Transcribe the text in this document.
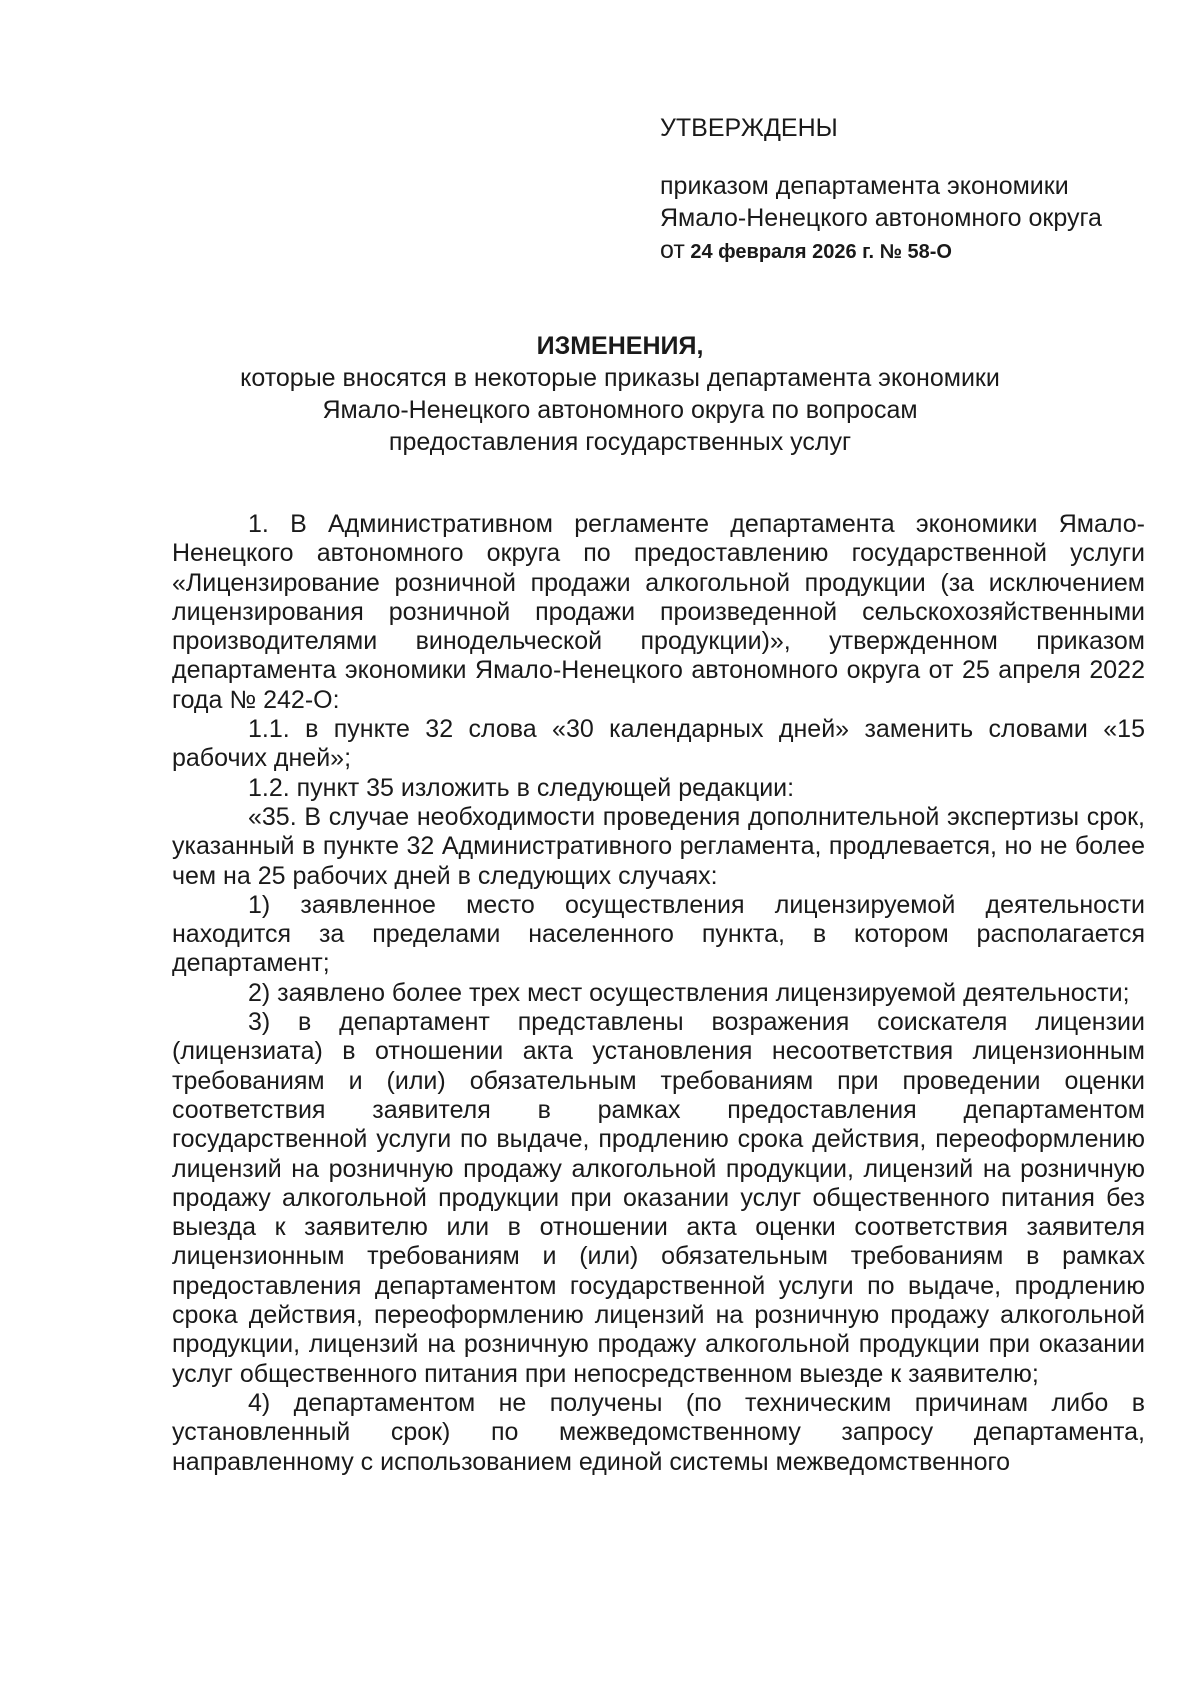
УТВЕРЖДЕНЫ

приказом департамента экономики

Ямало-Ненецкого автономного округа

от 24 февраля 2026 г. № 58-О

ИЗМЕНЕНИЯ,

которые вносятся в некоторые приказы департамента экономики

Ямало-Ненецкого автономного округа по вопросам

предоставления государственных услуг

1. В Административном регламенте департамента экономики Ямало-Ненецкого автономного округа по предоставлению государственной услуги «Лицензирование розничной продажи алкогольной продукции (за исключением лицензирования розничной продажи произведенной сельскохозяйственными производителями винодельческой продукции)», утвержденном приказом департамента экономики Ямало-Ненецкого автономного округа от 25 апреля 2022 года № 242-О:

1.1. в пункте 32 слова «30 календарных дней» заменить словами «15 рабочих дней»;

1.2. пункт 35 изложить в следующей редакции:

«35. В случае необходимости проведения дополнительной экспертизы срок, указанный в пункте 32 Административного регламента, продлевается, но не более чем на 25 рабочих дней в следующих случаях:

1) заявленное место осуществления лицензируемой деятельности находится за пределами населенного пункта, в котором располагается департамент;

2) заявлено более трех мест осуществления лицензируемой деятельности;

3) в департамент представлены возражения соискателя лицензии (лицензиата) в отношении акта установления несоответствия лицензионным требованиям и (или) обязательным требованиям при проведении оценки соответствия заявителя в рамках предоставления департаментом государственной услуги по выдаче, продлению срока действия, переоформлению лицензий на розничную продажу алкогольной продукции, лицензий на розничную продажу алкогольной продукции при оказании услуг общественного питания без выезда к заявителю или в отношении акта оценки соответствия заявителя лицензионным требованиям и (или) обязательным требованиям в рамках предоставления департаментом государственной услуги по выдаче, продлению срока действия, переоформлению лицензий на розничную продажу алкогольной продукции, лицензий на розничную продажу алкогольной продукции при оказании услуг общественного питания при непосредственном выезде к заявителю;

4) департаментом не получены (по техническим причинам либо в установленный срок) по межведомственному запросу департамента, направленному с использованием единой системы межведомственного
